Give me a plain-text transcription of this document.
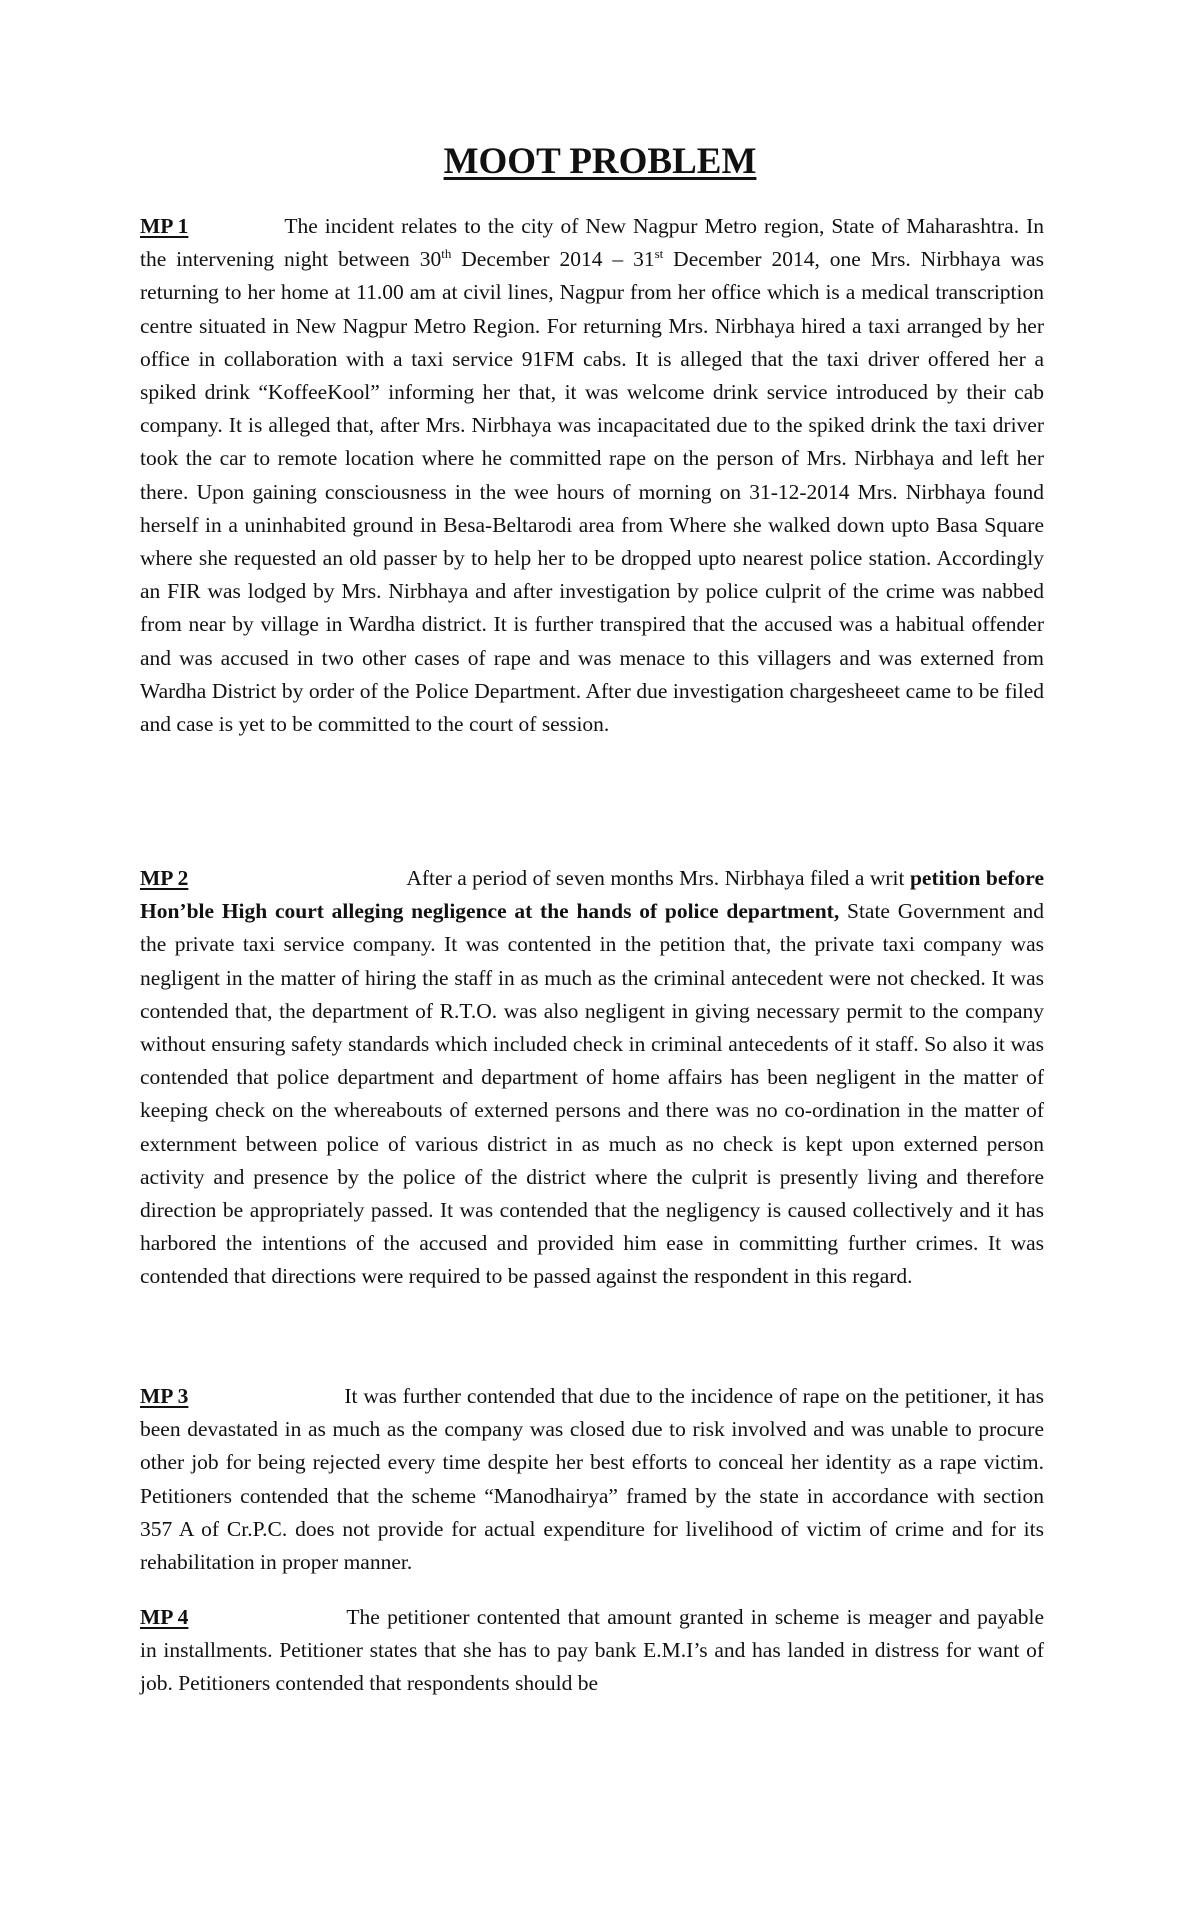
MOOT PROBLEM

MP 1	The incident relates to the city of New Nagpur Metro region, State of Maharashtra. In the intervening night between 30th December 2014 – 31st December 2014, one Mrs. Nirbhaya was returning to her home at 11.00 am at civil lines, Nagpur from her office which is a medical transcription centre situated in New Nagpur Metro Region. For returning Mrs. Nirbhaya hired a taxi arranged by her office in collaboration with a taxi service 91FM cabs. It is alleged that the taxi driver offered her a spiked drink “KoffeeKool” informing her that, it was welcome drink service introduced by their cab company. It is alleged that, after Mrs. Nirbhaya was incapacitated due to the spiked drink the taxi driver took the car to remote location where he committed rape on the person of Mrs. Nirbhaya and left her there. Upon gaining consciousness in the wee hours of morning on 31-12-2014 Mrs. Nirbhaya found herself in a uninhabited ground in Besa-Beltarodi area from Where she walked down upto Basa Square where she requested an old passer by to help her to be dropped upto nearest police station. Accordingly an FIR was lodged by Mrs. Nirbhaya and after investigation by police culprit of the crime was nabbed from near by village in Wardha district. It is further transpired that the accused was a habitual offender and was accused in two other cases of rape and was menace to this villagers and was externed from Wardha District by order of the Police Department. After due investigation chargesheeet came to be filed and case is yet to be committed to the court of session.

MP 2	After a period of seven months Mrs. Nirbhaya filed a writ petition before Hon’ble High court alleging negligence at the hands of police department, State Government and the private taxi service company. It was contented in the petition that, the private taxi company was negligent in the matter of hiring the staff in as much as the criminal antecedent were not checked. It was contended that, the department of R.T.O. was also negligent in giving necessary permit to the company without ensuring safety standards which included check in criminal antecedents of it staff. So also it was contended that police department and department of home affairs has been negligent in the matter of keeping check on the whereabouts of externed persons and there was no co-ordination in the matter of externment between police of various district in as much as no check is kept upon externed person activity and presence by the police of the district where the culprit is presently living and therefore direction be appropriately passed. It was contended that the negligency is caused collectively and it has harbored the intentions of the accused and provided him ease in committing further crimes. It was contended that directions were required to be passed against the respondent in this regard.

MP 3	It was further contended that due to the incidence of rape on the petitioner, it has been devastated in as much as the company was closed due to risk involved and was unable to procure other job for being rejected every time despite her best efforts to conceal her identity as a rape victim. Petitioners contended that the scheme “Manodhairya” framed by the state in accordance with section 357 A of Cr.P.C. does not provide for actual expenditure for livelihood of victim of crime and for its rehabilitation in proper manner.

MP 4	The petitioner contented that amount granted in scheme is meager and payable in installments. Petitioner states that she has to pay bank E.M.I’s and has landed in distress for want of job. Petitioners contended that respondents should be
